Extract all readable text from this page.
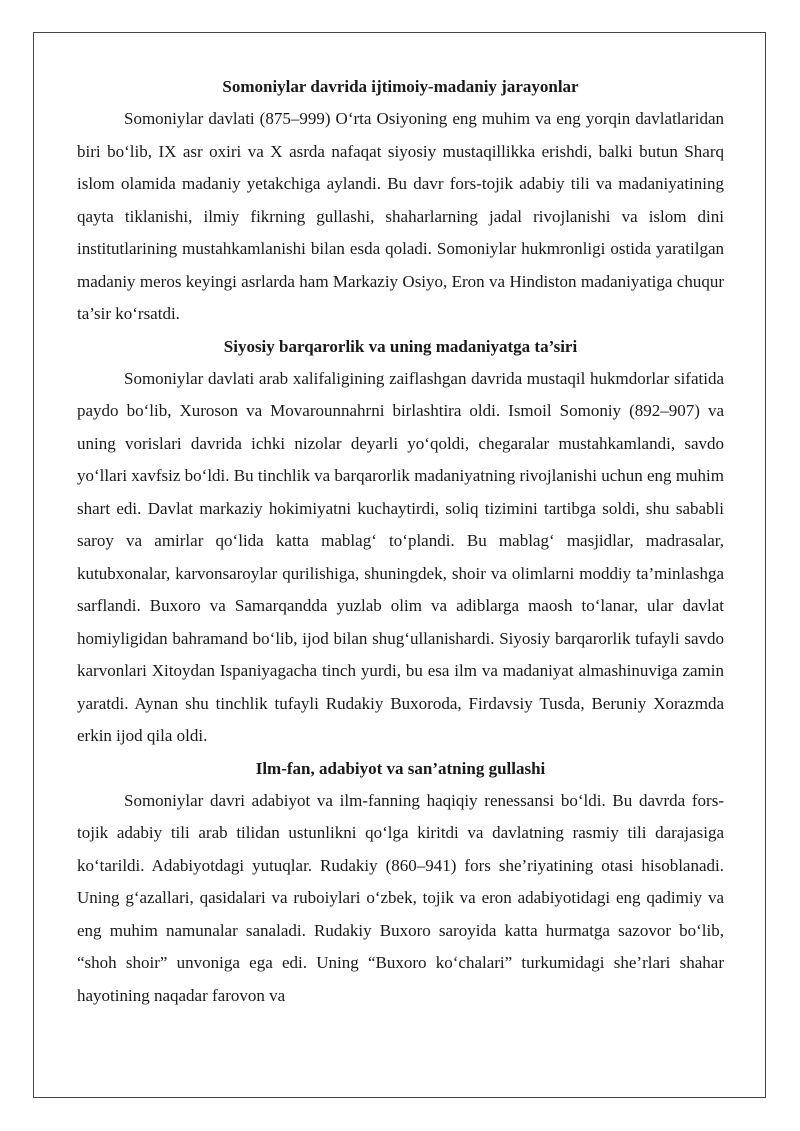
Somoniylar davrida ijtimoiy-madaniy jarayonlar

Somoniylar davlati (875–999) O‘rta Osiyoning eng muhim va eng yorqin davlatlaridan biri bo‘lib, IX asr oxiri va X asrda nafaqat siyosiy mustaqillikka erishdi, balki butun Sharq islom olamida madaniy yetakchiga aylandi. Bu davr fors-tojik adabiy tili va madaniyatining qayta tiklanishi, ilmiy fikrning gullashi, shaharlarning jadal rivojlanishi va islom dini institutlarining mustahkamlanishi bilan esda qoladi. Somoniylar hukmronligi ostida yaratilgan madaniy meros keyingi asrlarda ham Markaziy Osiyo, Eron va Hindiston madaniyatiga chuqur ta’sir ko‘rsatdi.

Siyosiy barqarorlik va uning madaniyatga ta’siri

Somoniylar davlati arab xalifaligining zaiflashgan davrida mustaqil hukmdorlar sifatida paydo bo‘lib, Xuroson va Movarounnahrni birlashtira oldi. Ismoil Somoniy (892–907) va uning vorislari davrida ichki nizolar deyarli yo‘qoldi, chegaralar mustahkamlandi, savdo yo‘llari xavfsiz bo‘ldi. Bu tinchlik va barqarorlik madaniyatning rivojlanishi uchun eng muhim shart edi. Davlat markaziy hokimiyatni kuchaytirdi, soliq tizimini tartibga soldi, shu sababli saroy va amirlar qo‘lida katta mablag‘ to‘plandi. Bu mablag‘ masjidlar, madrasalar, kutubxonalar, karvonsaroylar qurilishiga, shuningdek, shoir va olimlarni moddiy ta’minlashga sarflandi. Buxoro va Samarqandda yuzlab olim va adiblarga maosh to‘lanar, ular davlat homiyligidan bahramand bo‘lib, ijod bilan shug‘ullanishardi. Siyosiy barqarorlik tufayli savdo karvonlari Xitoydan Ispaniyagacha tinch yurdi, bu esa ilm va madaniyat almashinuviga zamin yaratdi. Aynan shu tinchlik tufayli Rudakiy Buxoroda, Firdavsiy Tusda, Beruniy Xorazmda erkin ijod qila oldi.

Ilm-fan, adabiyot va san’atning gullashi

Somoniylar davri adabiyot va ilm-fanning haqiqiy renessansi bo‘ldi. Bu davrda fors-tojik adabiy tili arab tilidan ustunlikni qo‘lga kiritdi va davlatning rasmiy tili darajasiga ko‘tarildi. Adabiyotdagi yutuqlar. Rudakiy (860–941) fors she’riyatining otasi hisoblanadi. Uning g‘azallari, qasidalari va ruboiylari o‘zbek, tojik va eron adabiyotidagi eng qadimiy va eng muhim namunalar sanaladi. Rudakiy Buxoro saroyida katta hurmatga sazovor bo‘lib, “shoh shoir” unvoniga ega edi. Uning “Buxoro ko‘chalari” turkumidagi she’rlari shahar hayotining naqadar farovon va
